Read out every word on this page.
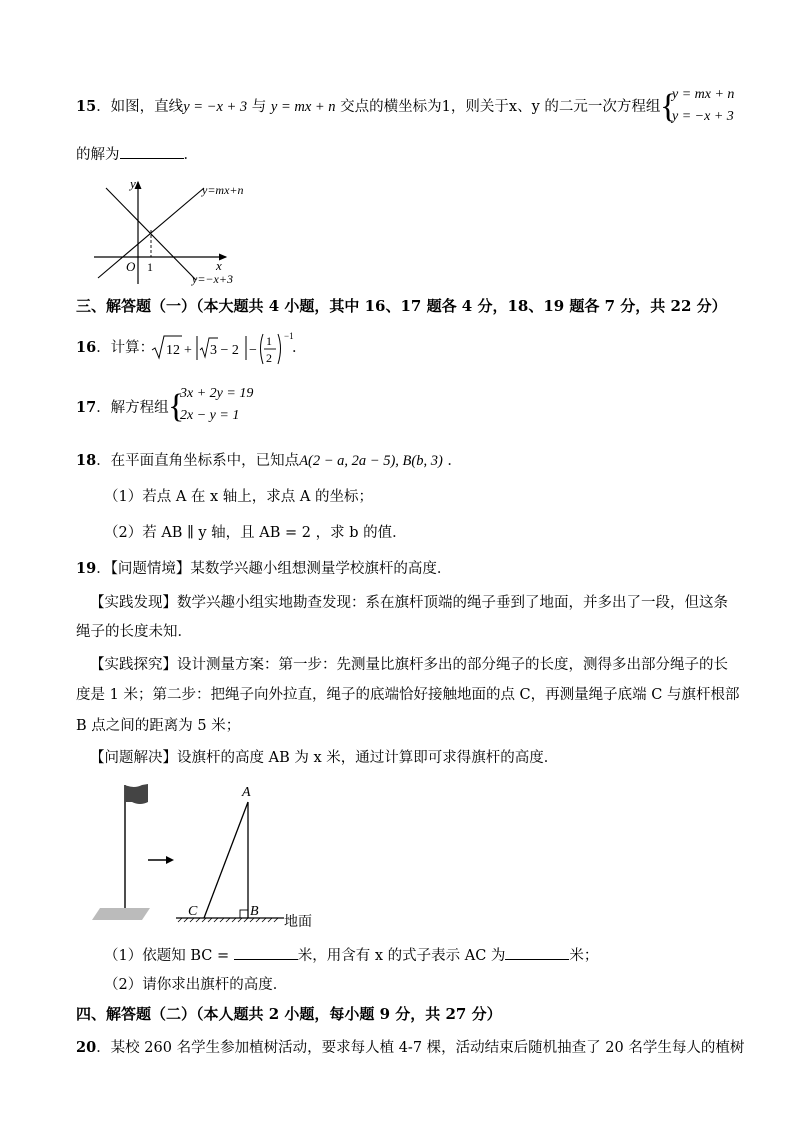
15．如图，直线y = −x + 3 与 y = mx + n 交点的横坐标为1，则关于x、y 的二元一次方程组 {
y = mx + n
y = −x + 3
的解为	．
y
x
O 1
y=mx+n
y=−x+3
三、解答题（一）（本大题共 4 小题，其中 16、17 题各 4 分，18、19 题各 7 分，共 22 分）
16．计算： 12 + 3 − 2 −
1
2
−1
．
17．解方程组 {
3x + 2y = 19
2x − y = 1
18．在平面直角坐标系中，已知点A(2 − a, 2a − 5), B(b, 3) ．
（1）若点 A 在 x 轴上，求点 A 的坐标；
（2）若 AB ∥ y 轴，且 AB = 2 ，求 b 的值．
19．【问题情境】某数学兴趣小组想测量学校旗杆的高度．
【实践发现】数学兴趣小组实地勘查发现：系在旗杆顶端的绳子垂到了地面，并多出了一段，但这条
绳子的长度未知．
【实践探究】设计测量方案：第一步：先测量比旗杆多出的部分绳子的长度，测得多出部分绳子的长
度是 1 米；第二步：把绳子向外拉直，绳子的底端恰好接触地面的点 C，再测量绳子底端 C 与旗杆根部
B 点之间的距离为 5 米；
【问题解决】设旗杆的高度 AB 为 x 米，通过计算即可求得旗杆的高度．
A
B
C
地面
（1）依题知 BC =	米，用含有 x 的式子表示 AC 为	米；
（2）请你求出旗杆的高度．
四、解答题（二）（本人题共 2 小题，每小题 9 分，共 27 分）
20．某校 260 名学生参加植树活动，要求每人植 4-7 棵，活动结束后随机抽查了 20 名学生每人的植树
